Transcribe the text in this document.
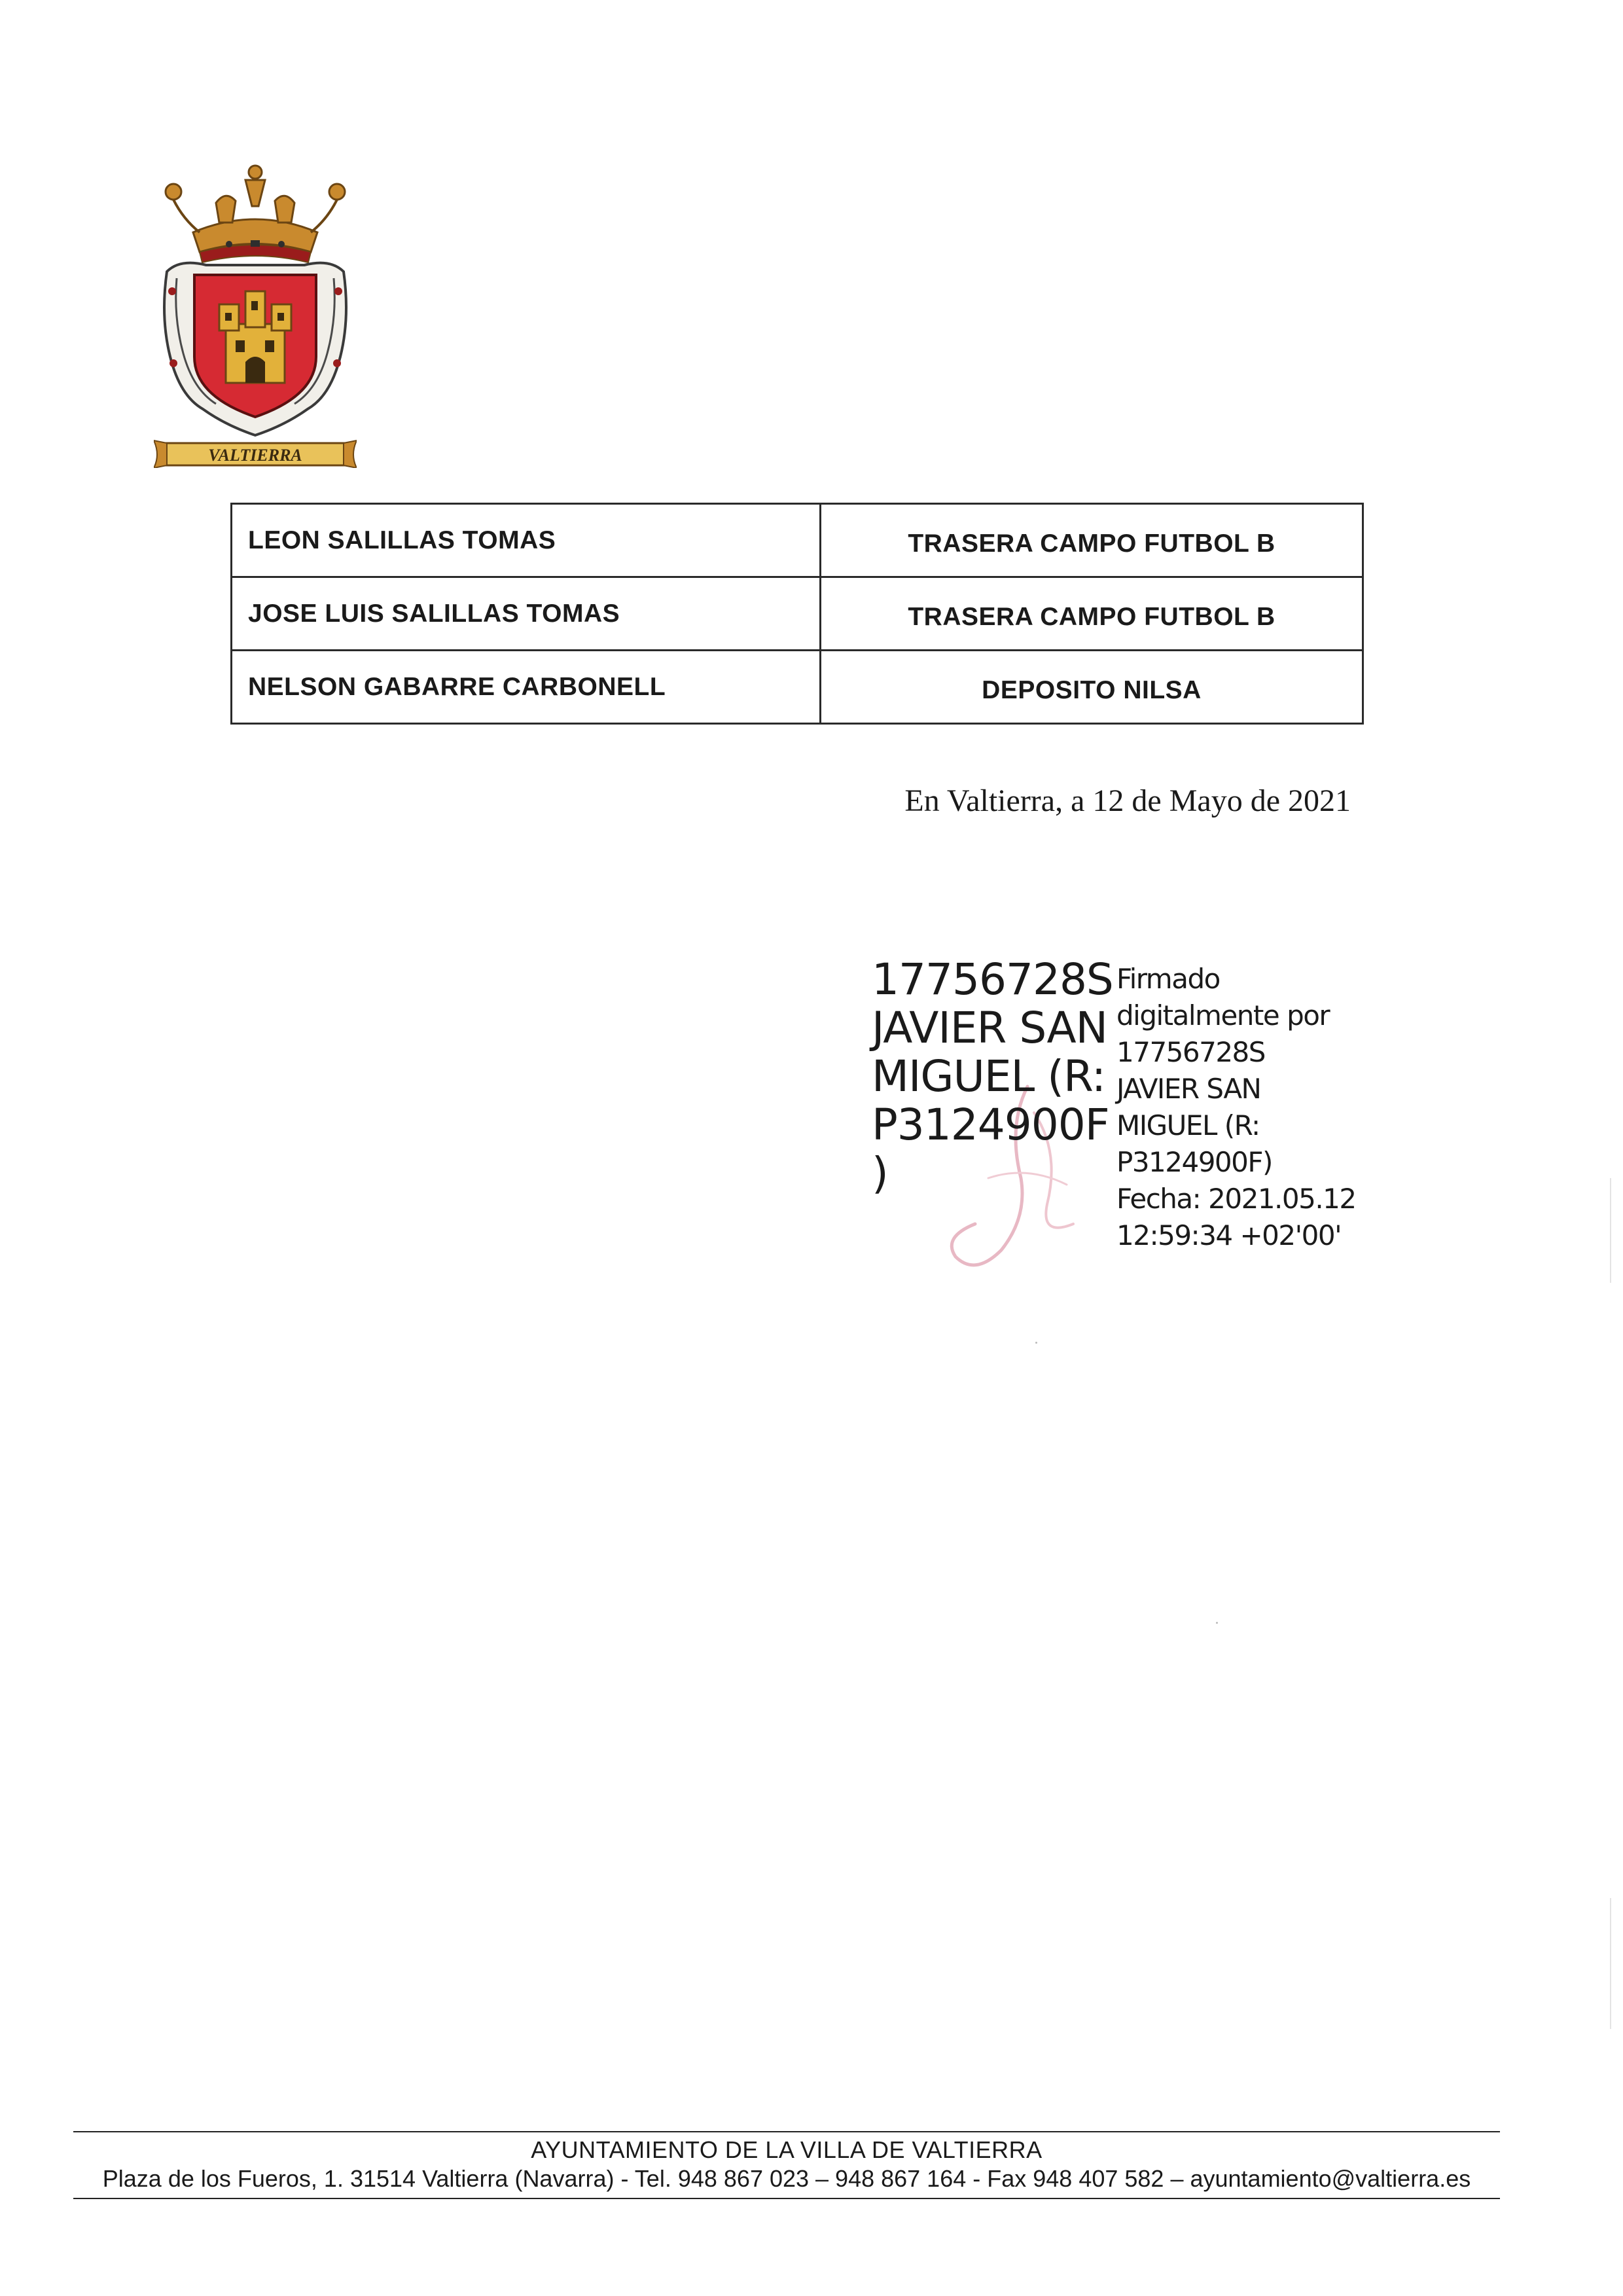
VALTIERRA
LEON SALILLAS TOMAS	TRASERA CAMPO FUTBOL B
JOSE LUIS SALILLAS TOMAS	TRASERA CAMPO FUTBOL B
NELSON GABARRE CARBONELL	DEPOSITO NILSA
En Valtierra, a 12 de Mayo de 2021
17756728S
JAVIER SAN
MIGUEL (R:
P3124900F
)
Firmado
digitalmente por
17756728S
JAVIER SAN
MIGUEL (R:
P3124900F)
Fecha: 2021.05.12
12:59:34 +02'00'
AYUNTAMIENTO DE LA VILLA DE VALTIERRA
Plaza de los Fueros, 1. 31514 Valtierra (Navarra) - Tel. 948 867 023 – 948 867 164 - Fax 948 407 582 – ayuntamiento@valtierra.es
